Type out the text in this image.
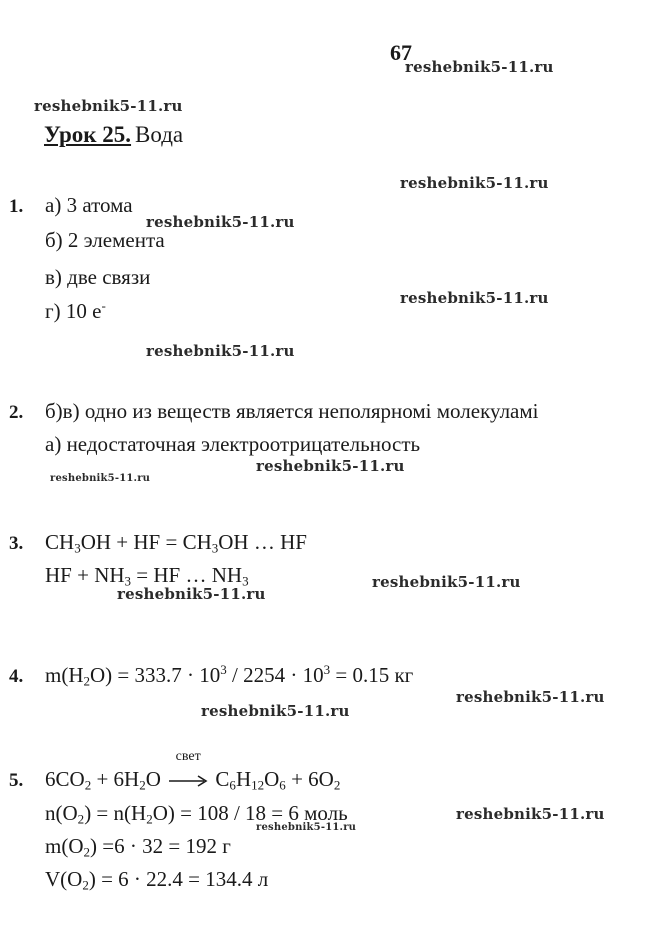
67
reshebnik5-11.ru
reshebnik5-11.ru
reshebnik5-11.ru
reshebnik5-11.ru
reshebnik5-11.ru
reshebnik5-11.ru
reshebnik5-11.ru
reshebnik5-11.ru
reshebnik5-11.ru
reshebnik5-11.ru
reshebnik5-11.ru
reshebnik5-11.ru
reshebnik5-11.ru
reshebnik5-11.ru
Урок 25. Вода
1. а) 3 атома
б) 2 элемента
в) две связи
г) 10 е-
2. б)в) одно из веществ является неполярномі молекуламі
а) недостаточная электроотрицательность
3. $CH_3OH$ + HF = $CH_3OH$ … HF
HF + $NH_3$ = HF … $NH_3$
4. $m(H_2O) = 333.7 \cdot 10^3 / 2254 \cdot 10^3 = 0.15$ кг
5. $6CO_2 + 6H_2O$
свет
$C_6H_{12}O_6 + 6O_2$
$n(O_2) = n(H_2O) = 108 / 18 = 6$ моль
$m(O_2) =6 \cdot 32 = 192$ г
$V(O_2) = 6 \cdot 22.4 = 134.4$ л
